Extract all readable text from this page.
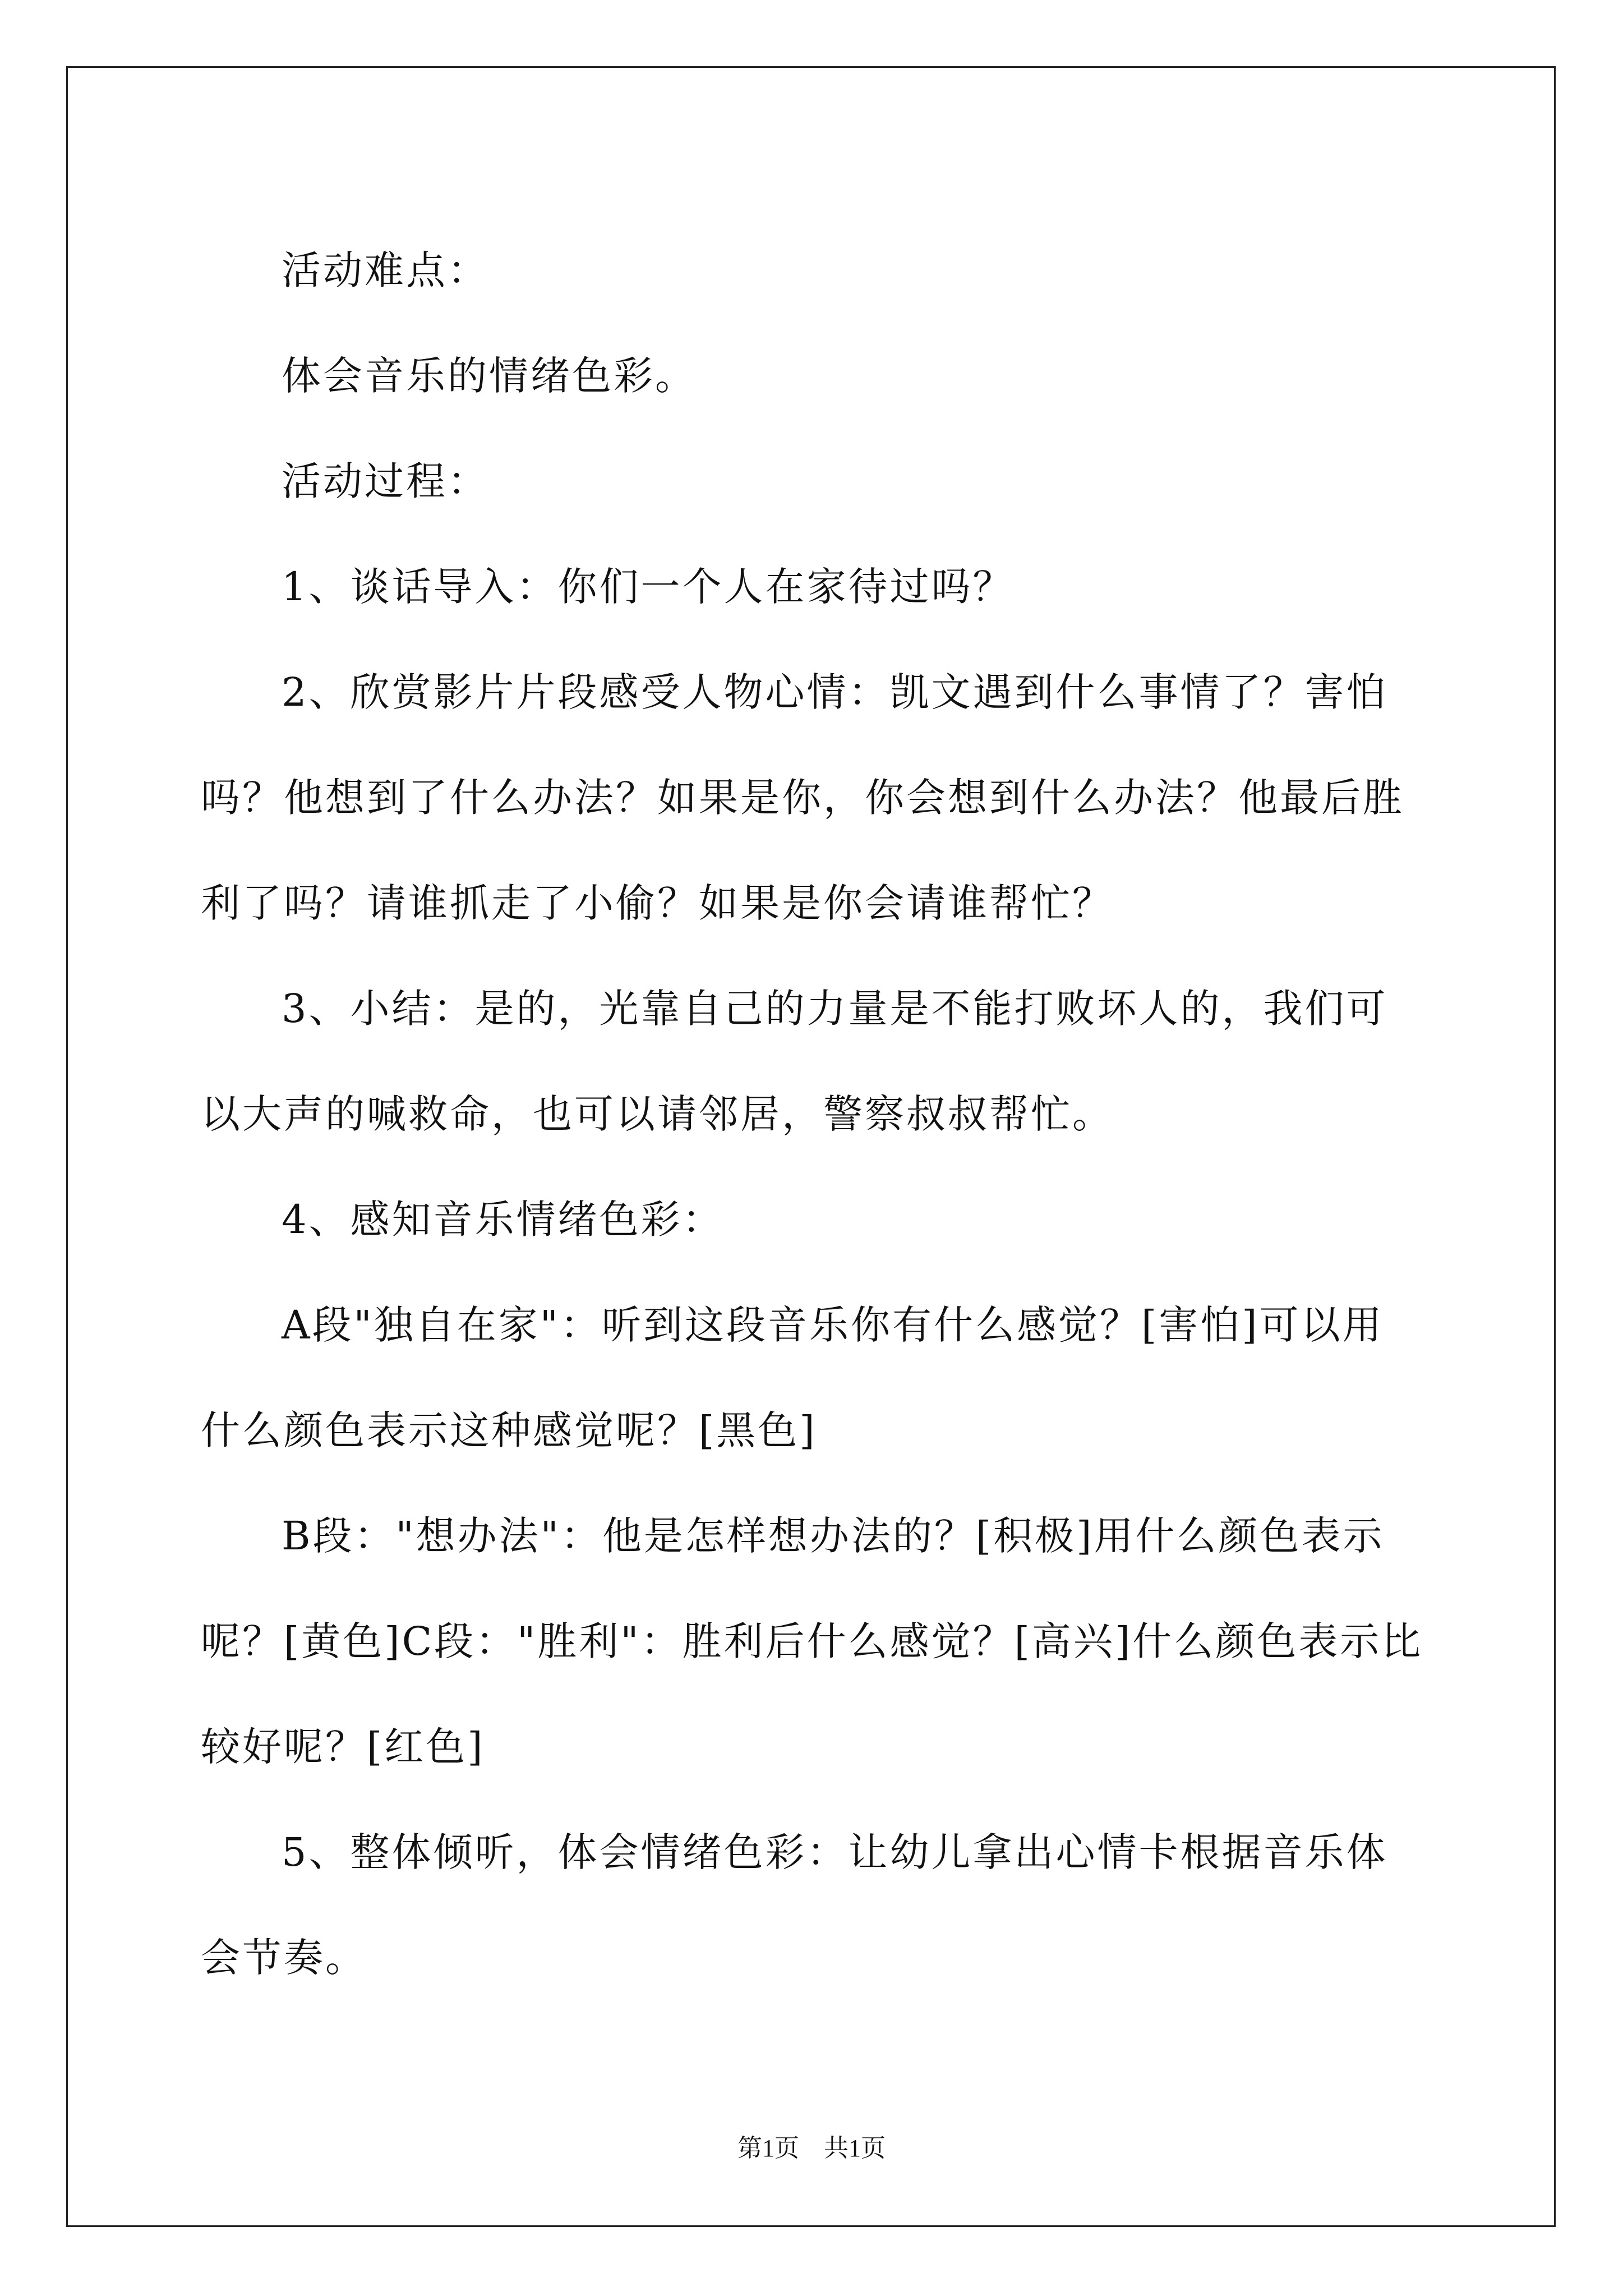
活动难点：

体会音乐的情绪色彩。

活动过程：

1、谈话导入：你们一个人在家待过吗？

2、欣赏影片片段感受人物心情：凯文遇到什么事情了？害怕吗？他想到了什么办法？如果是你，你会想到什么办法？他最后胜利了吗？请谁抓走了小偷？如果是你会请谁帮忙？

3、小结：是的，光靠自己的力量是不能打败坏人的，我们可以大声的喊救命，也可以请邻居，警察叔叔帮忙。

4、感知音乐情绪色彩：

A段"独自在家"：听到这段音乐你有什么感觉？[害怕]可以用什么颜色表示这种感觉呢？[黑色]

B段："想办法"：他是怎样想办法的？[积极]用什么颜色表示呢？[黄色]C段："胜利"：胜利后什么感觉？[高兴]什么颜色表示比较好呢？[红色]

5、整体倾听，体会情绪色彩：让幼儿拿出心情卡根据音乐体会节奏。

第1页　共1页
